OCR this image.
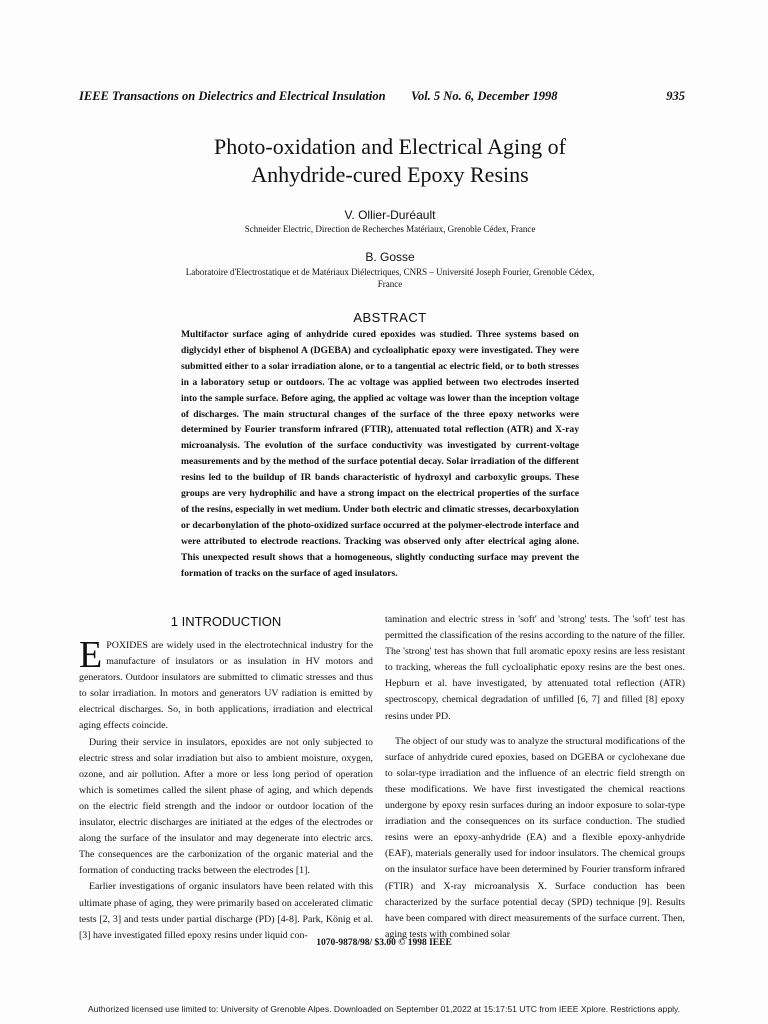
IEEE Transactions on Dielectrics and Electrical Insulation Vol. 5 No. 6, December 1998	935
Photo-oxidation and Electrical Aging of
Anhydride-cured Epoxy Resins
V. Ollier-Duréault
Schneider Electric, Direction de Recherches Matériaux, Grenoble Cédex, France
B. Gosse
Laboratoire d'Electrostatique et de Matériaux Diélectriques, CNRS – Université Joseph Fourier, Grenoble Cédex,
France
ABSTRACT
Multifactor surface aging of anhydride cured epoxides was studied. Three systems based on diglycidyl ether of bisphenol A (DGEBA) and cycloaliphatic epoxy were investigated. They were submitted either to a solar irradiation alone, or to a tangential ac electric field, or to both stresses in a laboratory setup or outdoors. The ac voltage was applied between two electrodes inserted into the sample surface. Before aging, the applied ac voltage was lower than the inception voltage of discharges. The main structural changes of the surface of the three epoxy networks were determined by Fourier transform infrared (FTIR), attenuated total reflection (ATR) and X-ray microanalysis. The evolution of the surface conductivity was investigated by current-voltage measurements and by the method of the surface potential decay. Solar irradiation of the different resins led to the buildup of IR bands characteristic of hydroxyl and carboxylic groups. These groups are very hydrophilic and have a strong impact on the electrical properties of the surface of the resins, especially in wet medium. Under both electric and climatic stresses, decarboxylation or decarbonylation of the photo-oxidized surface occurred at the polymer-electrode interface and were attributed to electrode reactions. Tracking was observed only after electrical aging alone. This unexpected result shows that a homogeneous, slightly conducting surface may prevent the formation of tracks on the surface of aged insulators.
1 INTRODUCTION

EPOXIDES are widely used in the electrotechnical industry for the manufacture of insulators or as insulation in HV motors and generators. Outdoor insulators are submitted to climatic stresses and thus to solar irradiation. In motors and generators UV radiation is emitted by electrical discharges. So, in both applications, irradiation and electrical aging effects coincide.

During their service in insulators, epoxides are not only subjected to electric stress and solar irradiation but also to ambient moisture, oxygen, ozone, and air pollution. After a more or less long period of operation which is sometimes called the silent phase of aging, and which depends on the electric field strength and the indoor or outdoor location of the insulator, electric discharges are initiated at the edges of the electrodes or along the surface of the insulator and may degenerate into electric arcs. The consequences are the carbonization of the organic material and the formation of conducting tracks between the electrodes [1].

Earlier investigations of organic insulators have been related with this ultimate phase of aging, they were primarily based on accelerated climatic tests [2, 3] and tests under partial discharge (PD) [4-8]. Park, König et al. [3] have investigated filled epoxy resins under liquid con-

tamination and electric stress in 'soft' and 'strong' tests. The 'soft' test has permitted the classification of the resins according to the nature of the filler. The 'strong' test has shown that full aromatic epoxy resins are less resistant to tracking, whereas the full cycloaliphatic epoxy resins are the best ones. Hepburn et al. have investigated, by attenuated total reflection (ATR) spectroscopy, chemical degradation of unfilled [6, 7] and filled [8] epoxy resins under PD.

The object of our study was to analyze the structural modifications of the surface of anhydride cured epoxies, based on DGEBA or cyclohexane due to solar-type irradiation and the influence of an electric field strength on these modifications. We have first investigated the chemical reactions undergone by epoxy resin surfaces during an indoor exposure to solar-type irradiation and the consequences on its surface conduction. The studied resins were an epoxy-anhydride (EA) and a flexible epoxy-anhydride (EAF), materials generally used for indoor insulators. The chemical groups on the insulator surface have been determined by Fourier transform infrared (FTIR) and X-ray microanalysis X. Surface conduction has been characterized by the surface potential decay (SPD) technique [9]. Results have been compared with direct measurements of the surface current. Then, aging tests with combined solar

1070-9878/98/ $3.00 © 1998 IEEE
Authorized licensed use limited to: University of Grenoble Alpes. Downloaded on September 01,2022 at 15:17:51 UTC from IEEE Xplore. Restrictions apply.
